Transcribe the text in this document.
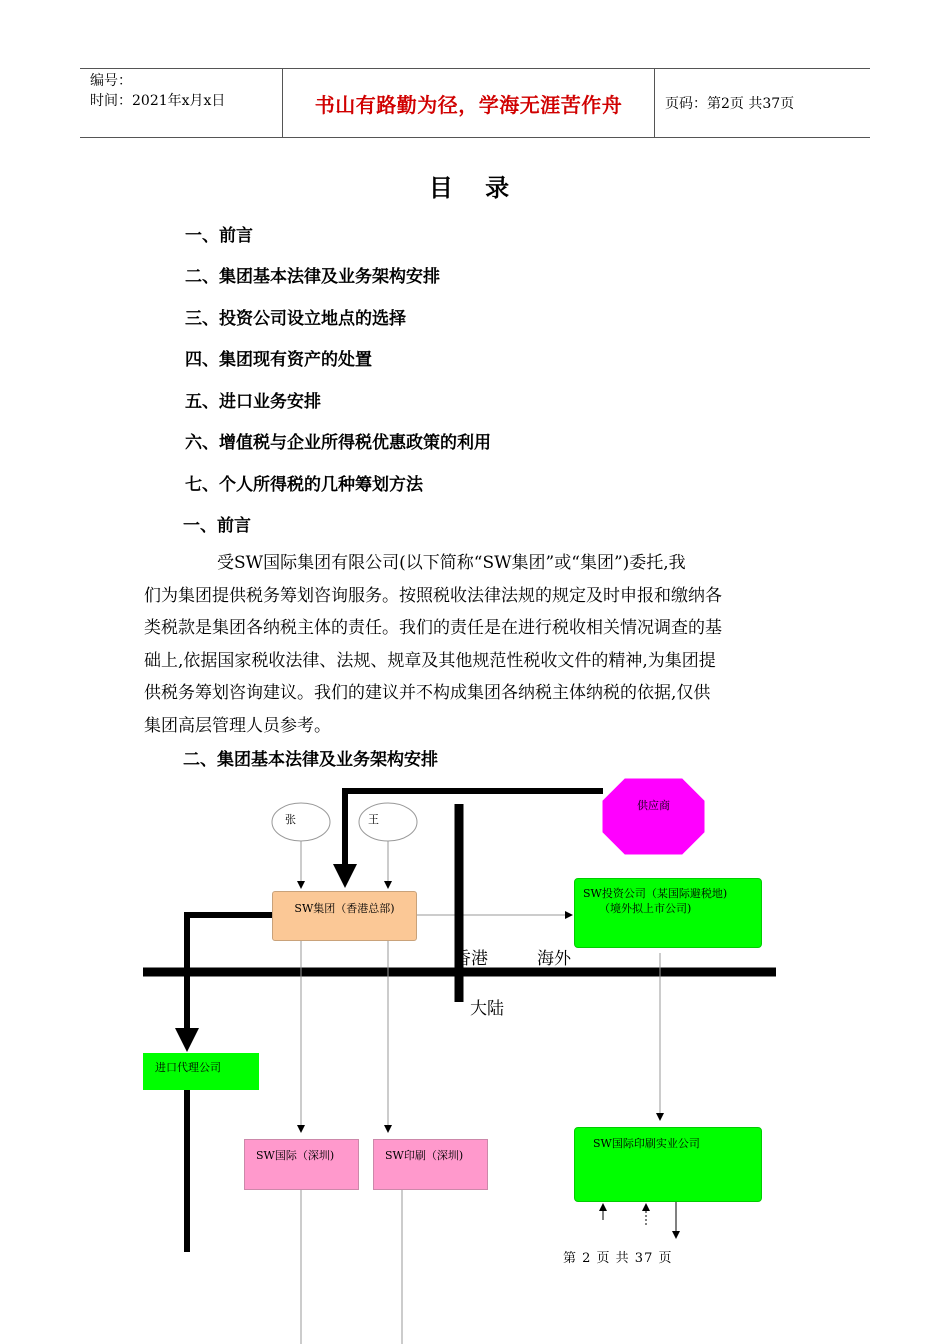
编号：
时间：2021年x月x日	书山有路勤为径，学海无涯苦作舟	页码：第2页 共37页
目 录
一、前言
二、集团基本法律及业务架构安排
三、投资公司设立地点的选择
四、集团现有资产的处置
五、进口业务安排
六、增值税与企业所得税优惠政策的利用
七、个人所得税的几种筹划方法
一、前言
受SW国际集团有限公司(以下简称“SW集团”或“集团”)委托,我
们为集团提供税务筹划咨询服务。按照税收法律法规的规定及时申报和缴纳各
类税款是集团各纳税主体的责任。我们的责任是在进行税收相关情况调查的基
础上,依据国家税收法律、法规、规章及其他规范性税收文件的精神,为集团提
供税务筹划咨询建议。我们的建议并不构成集团各纳税主体纳税的依据,仅供
集团高层管理人员参考。
二、集团基本法律及业务架构安排
张	王
供应商
SW集团（香港总部)
SW投资公司（某国际避税地)
（境外拟上市公司)
香港	海外
大陆
进口代理公司
SW国际（深圳)	SW印刷（深圳)
SW国际印刷实业公司
第 2 页 共 37 页
